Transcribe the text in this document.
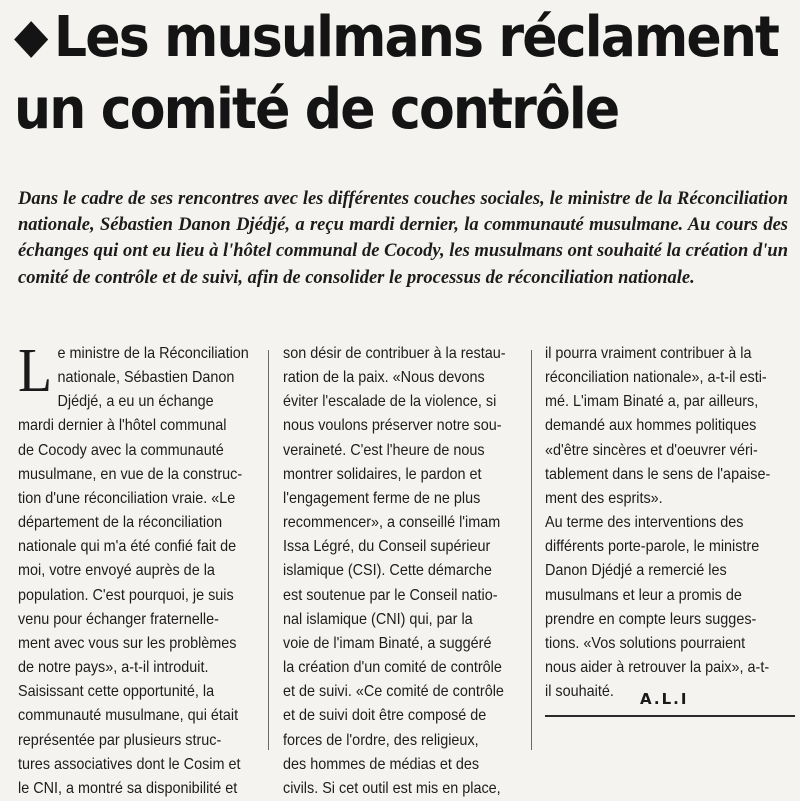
◆ Les musulmans réclament
un comité de contrôle
Dans le cadre de ses rencontres avec les différentes couches sociales, le ministre de la Réconciliation nationale, Sébastien Danon Djédjé, a reçu mardi dernier, la communauté musulmane. Au cours des échanges qui ont eu lieu à l'hôtel communal de Cocody, les musulmans ont souhaité la création d'un comité de contrôle et de suivi, afin de consolider le processus de réconciliation nationale.
L e ministre de la Réconciliation
nationale, Sébastien Danon
Djédjé, a eu un échange
mardi dernier à l'hôtel communal
de Cocody avec la communauté
musulmane, en vue de la construc-
tion d'une réconciliation vraie. «Le
département de la réconciliation
nationale qui m'a été confié fait de
moi, votre envoyé auprès de la
population. C'est pourquoi, je suis
venu pour échanger fraternelle-
ment avec vous sur les problèmes
de notre pays», a-t-il introduit.
Saisissant cette opportunité, la
communauté musulmane, qui était
représentée par plusieurs struc-
tures associatives dont le Cosim et
le CNI, a montré sa disponibilité et
son désir de contribuer à la restau-
ration de la paix. «Nous devons
éviter l'escalade de la violence, si
nous voulons préserver notre sou-
veraineté. C'est l'heure de nous
montrer solidaires, le pardon et
l'engagement ferme de ne plus
recommencer», a conseillé l'imam
Issa Légré, du Conseil supérieur
islamique (CSI). Cette démarche
est soutenue par le Conseil natio-
nal islamique (CNI) qui, par la
voie de l'imam Binaté, a suggéré
la création d'un comité de contrôle
et de suivi. «Ce comité de contrôle
et de suivi doit être composé de
forces de l'ordre, des religieux,
des hommes de médias et des
civils. Si cet outil est mis en place,
il pourra vraiment contribuer à la
réconciliation nationale», a-t-il esti-
mé. L'imam Binaté a, par ailleurs,
demandé aux hommes politiques
«d'être sincères et d'oeuvrer véri-
tablement dans le sens de l'apaise-
ment des esprits».
Au terme des interventions des
différents porte-parole, le ministre
Danon Djédjé a remercié les
musulmans et leur a promis de
prendre en compte leurs sugges-
tions. «Vos solutions pourraient
nous aider à retrouver la paix», a-t-
il souhaité.	A.L.I
